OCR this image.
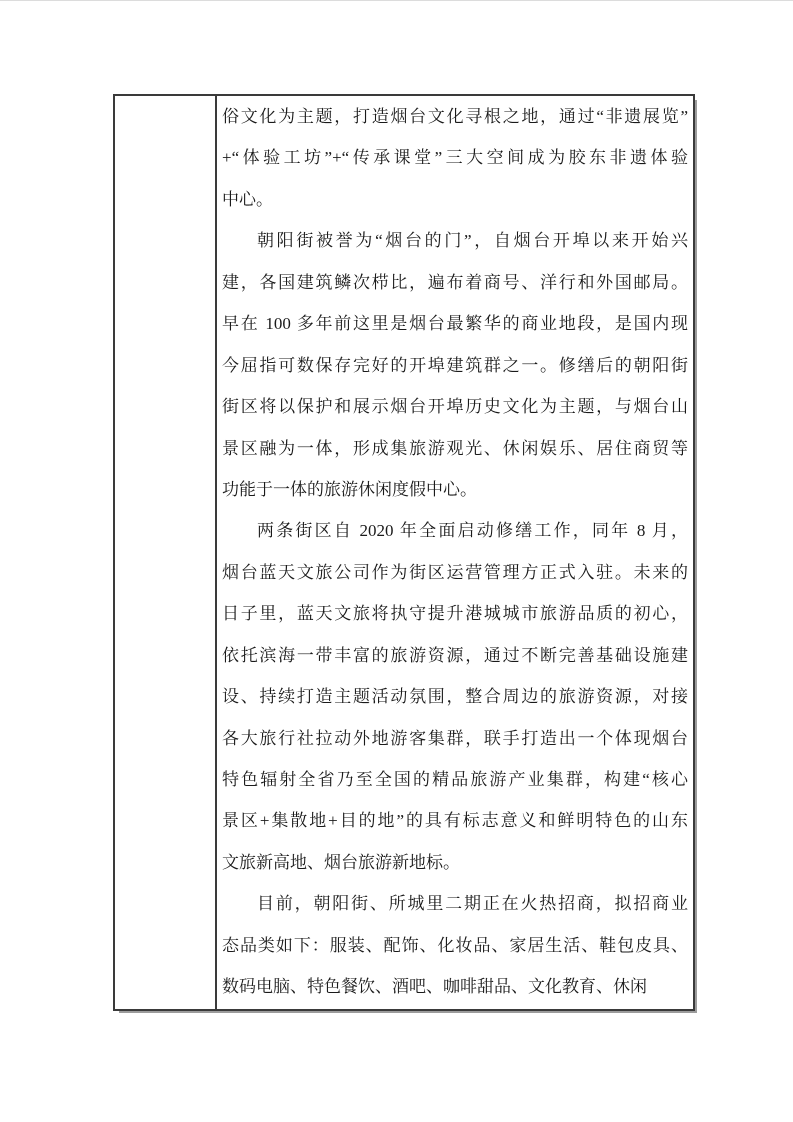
俗文化为主题，打造烟台文化寻根之地，通过“非遗展览”
+“体验工坊”+“传承课堂”三大空间成为胶东非遗体验
中心。
朝阳街被誉为“烟台的门”，自烟台开埠以来开始兴
建，各国建筑鳞次栉比，遍布着商号、洋行和外国邮局。
早在 100 多年前这里是烟台最繁华的商业地段，是国内现
今屈指可数保存完好的开埠建筑群之一。修缮后的朝阳街
街区将以保护和展示烟台开埠历史文化为主题，与烟台山
景区融为一体，形成集旅游观光、休闲娱乐、居住商贸等
功能于一体的旅游休闲度假中心。
两条街区自 2020 年全面启动修缮工作，同年 8 月，
烟台蓝天文旅公司作为街区运营管理方正式入驻。未来的
日子里，蓝天文旅将执守提升港城城市旅游品质的初心，
依托滨海一带丰富的旅游资源，通过不断完善基础设施建
设、持续打造主题活动氛围，整合周边的旅游资源，对接
各大旅行社拉动外地游客集群，联手打造出一个体现烟台
特色辐射全省乃至全国的精品旅游产业集群，构建“核心
景区+集散地+目的地”的具有标志意义和鲜明特色的山东
文旅新高地、烟台旅游新地标。
目前，朝阳街、所城里二期正在火热招商，拟招商业
态品类如下：服装、配饰、化妆品、家居生活、鞋包皮具、
数码电脑、特色餐饮、酒吧、咖啡甜品、文化教育、休闲
